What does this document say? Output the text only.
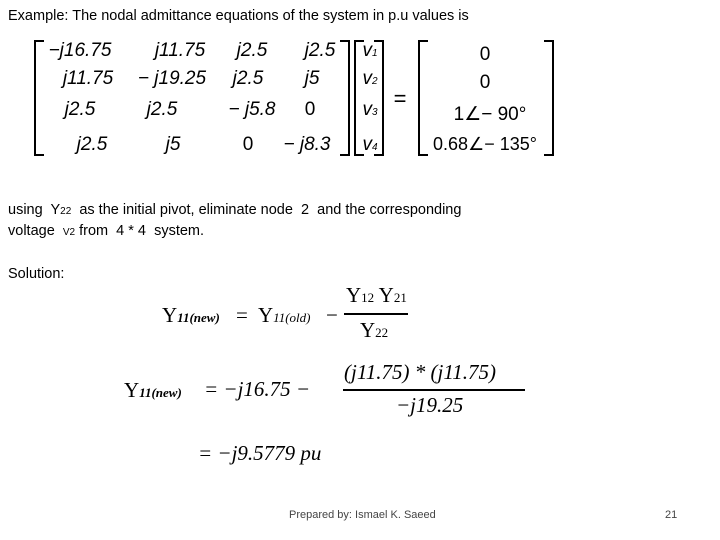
Example: The nodal admittance equations of the system in p.u values is
−j16.75	j11.75	j2.5	j2.5
j11.75	− j19.25	j2.5	j5
j2.5	j2.5	− j5.8	0
j2.5	j5	0	− j8.3
v1
v2
v3
v4
=
0
0
1∠− 90°
0.68∠− 135°
using Y22 as the initial pivot, eliminate node 2 and the corresponding
voltage V2 from 4 * 4 system.
Solution:
Y11(new) = Y11(old) −
Y12 Y21
Y22
Y11(new) = −j16.75 −
(j11.75) * (j11.75)
−j19.25
= −j9.5779 pu
Prepared by: Ismael K. Saeed	21
